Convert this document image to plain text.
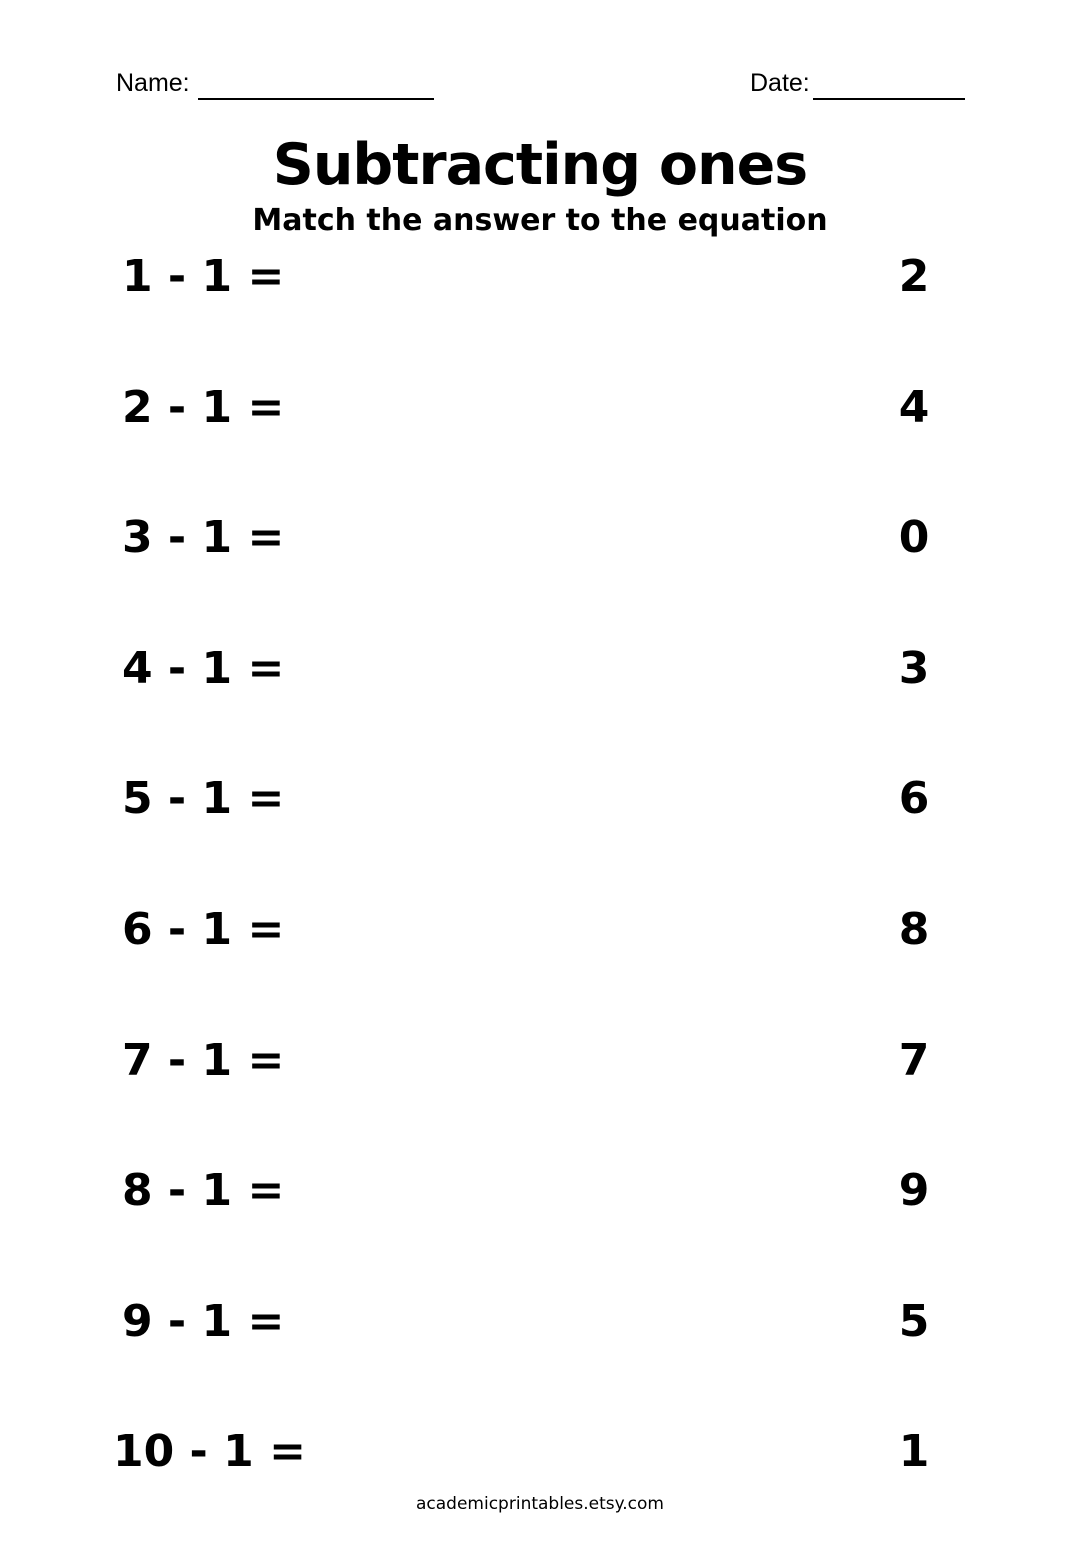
Name:	Date:
Subtracting ones
Match the answer to the equation
1 - 1 =	2
2 - 1 =	4
3 - 1 =	0
4 - 1 =	3
5 - 1 =	6
6 - 1 =	8
7 - 1 =	7
8 - 1 =	9
9 - 1 =	5
10 - 1 =	1
academicprintables.etsy.com
